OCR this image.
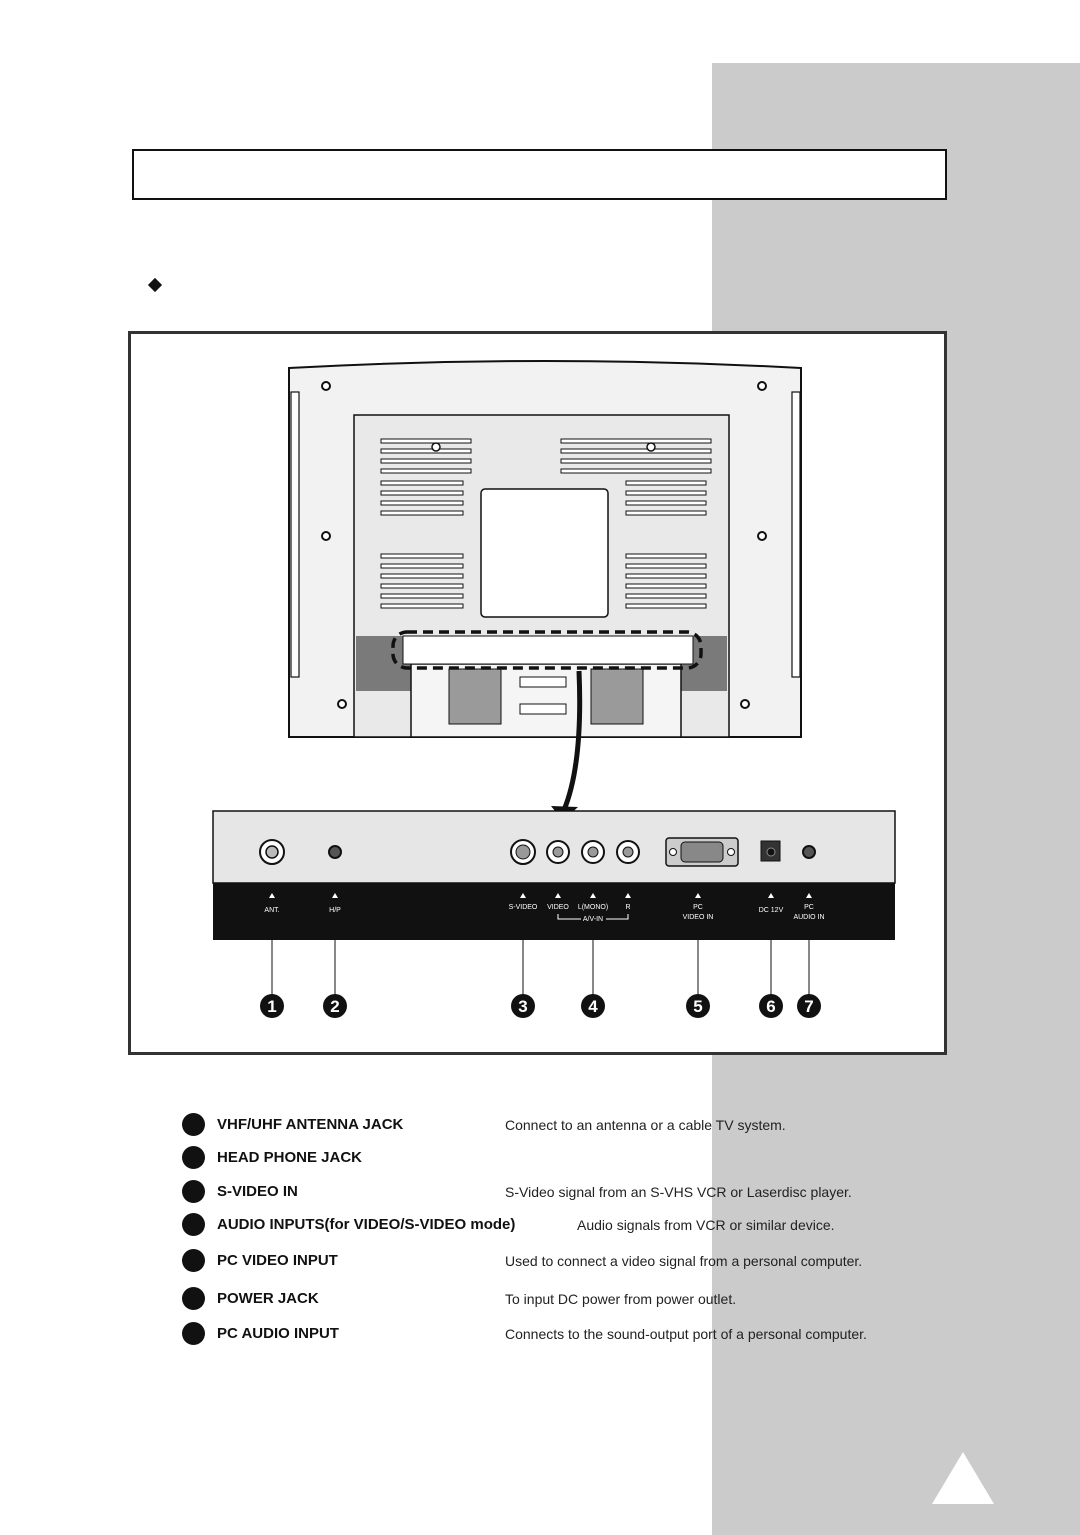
ANT.	H/P	S-VIDEO VIDEO L(MONO) R	PC
VIDEO IN
DC 12V	PC
AUDIO IN
A/V-IN
1	2	3	4	5	6 7
VHF/UHF ANTENNA JACK	Connect to an antenna or a cable TV system.
HEAD PHONE JACK
S-VIDEO IN	S-Video signal from an S-VHS VCR or Laserdisc player.
AUDIO INPUTS(for VIDEO/S-VIDEO mode)	Audio signals from VCR or similar device.
PC VIDEO INPUT	Used to connect a video signal from a personal computer.
POWER JACK	To input DC power from power outlet.
PC AUDIO INPUT	Connects to the sound-output port of a personal computer.
